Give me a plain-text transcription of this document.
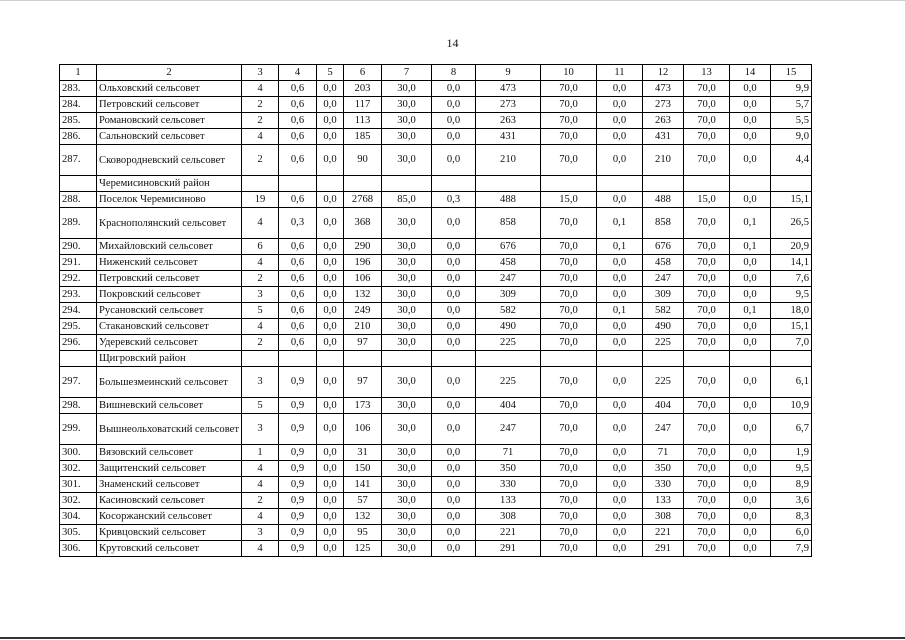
14
1	2	3	4	5	6	7	8	9	10	11	12	13	14	15
283.	Ольховский сельсовет	4	0,6	0,0	203	30,0	0,0	473	70,0	0,0	473	70,0	0,0	9,9
284.	Петровский сельсовет	2	0,6	0,0	117	30,0	0,0	273	70,0	0,0	273	70,0	0,0	5,7
285.	Романовский сельсовет	2	0,6	0,0	113	30,0	0,0	263	70,0	0,0	263	70,0	0,0	5,5
286.	Сальновский сельсовет	4	0,6	0,0	185	30,0	0,0	431	70,0	0,0	431	70,0	0,0	9,0
287.	Сковородневский сельсовет	2	0,6	0,0	90	30,0	0,0	210	70,0	0,0	210	70,0	0,0	4,4
	Черемисиновский район													
288.	Поселок Черемисиново	19	0,6	0,0	2768	85,0	0,3	488	15,0	0,0	488	15,0	0,0	15,1
289.	Краснополянский сельсовет	4	0,3	0,0	368	30,0	0,0	858	70,0	0,1	858	70,0	0,1	26,5
290.	Михайловский сельсовет	6	0,6	0,0	290	30,0	0,0	676	70,0	0,1	676	70,0	0,1	20,9
291.	Ниженский сельсовет	4	0,6	0,0	196	30,0	0,0	458	70,0	0,0	458	70,0	0,0	14,1
292.	Петровский сельсовет	2	0,6	0,0	106	30,0	0,0	247	70,0	0,0	247	70,0	0,0	7,6
293.	Покровский сельсовет	3	0,6	0,0	132	30,0	0,0	309	70,0	0,0	309	70,0	0,0	9,5
294.	Русановский сельсовет	5	0,6	0,0	249	30,0	0,0	582	70,0	0,1	582	70,0	0,1	18,0
295.	Стакановский сельсовет	4	0,6	0,0	210	30,0	0,0	490	70,0	0,0	490	70,0	0,0	15,1
296.	Удеревский сельсовет	2	0,6	0,0	97	30,0	0,0	225	70,0	0,0	225	70,0	0,0	7,0
	Щигровский район													
297.	Большезмеинский сельсовет	3	0,9	0,0	97	30,0	0,0	225	70,0	0,0	225	70,0	0,0	6,1
298.	Вишневский сельсовет	5	0,9	0,0	173	30,0	0,0	404	70,0	0,0	404	70,0	0,0	10,9
299.	Вышнеольховатский сельсовет	3	0,9	0,0	106	30,0	0,0	247	70,0	0,0	247	70,0	0,0	6,7
300.	Вязовский сельсовет	1	0,9	0,0	31	30,0	0,0	71	70,0	0,0	71	70,0	0,0	1,9
302.	Защитенский сельсовет	4	0,9	0,0	150	30,0	0,0	350	70,0	0,0	350	70,0	0,0	9,5
301.	Знаменский сельсовет	4	0,9	0,0	141	30,0	0,0	330	70,0	0,0	330	70,0	0,0	8,9
302.	Касиновский сельсовет	2	0,9	0,0	57	30,0	0,0	133	70,0	0,0	133	70,0	0,0	3,6
304.	Косоржанский сельсовет	4	0,9	0,0	132	30,0	0,0	308	70,0	0,0	308	70,0	0,0	8,3
305.	Кривцовский сельсовет	3	0,9	0,0	95	30,0	0,0	221	70,0	0,0	221	70,0	0,0	6,0
306.	Крутовский сельсовет	4	0,9	0,0	125	30,0	0,0	291	70,0	0,0	291	70,0	0,0	7,9
